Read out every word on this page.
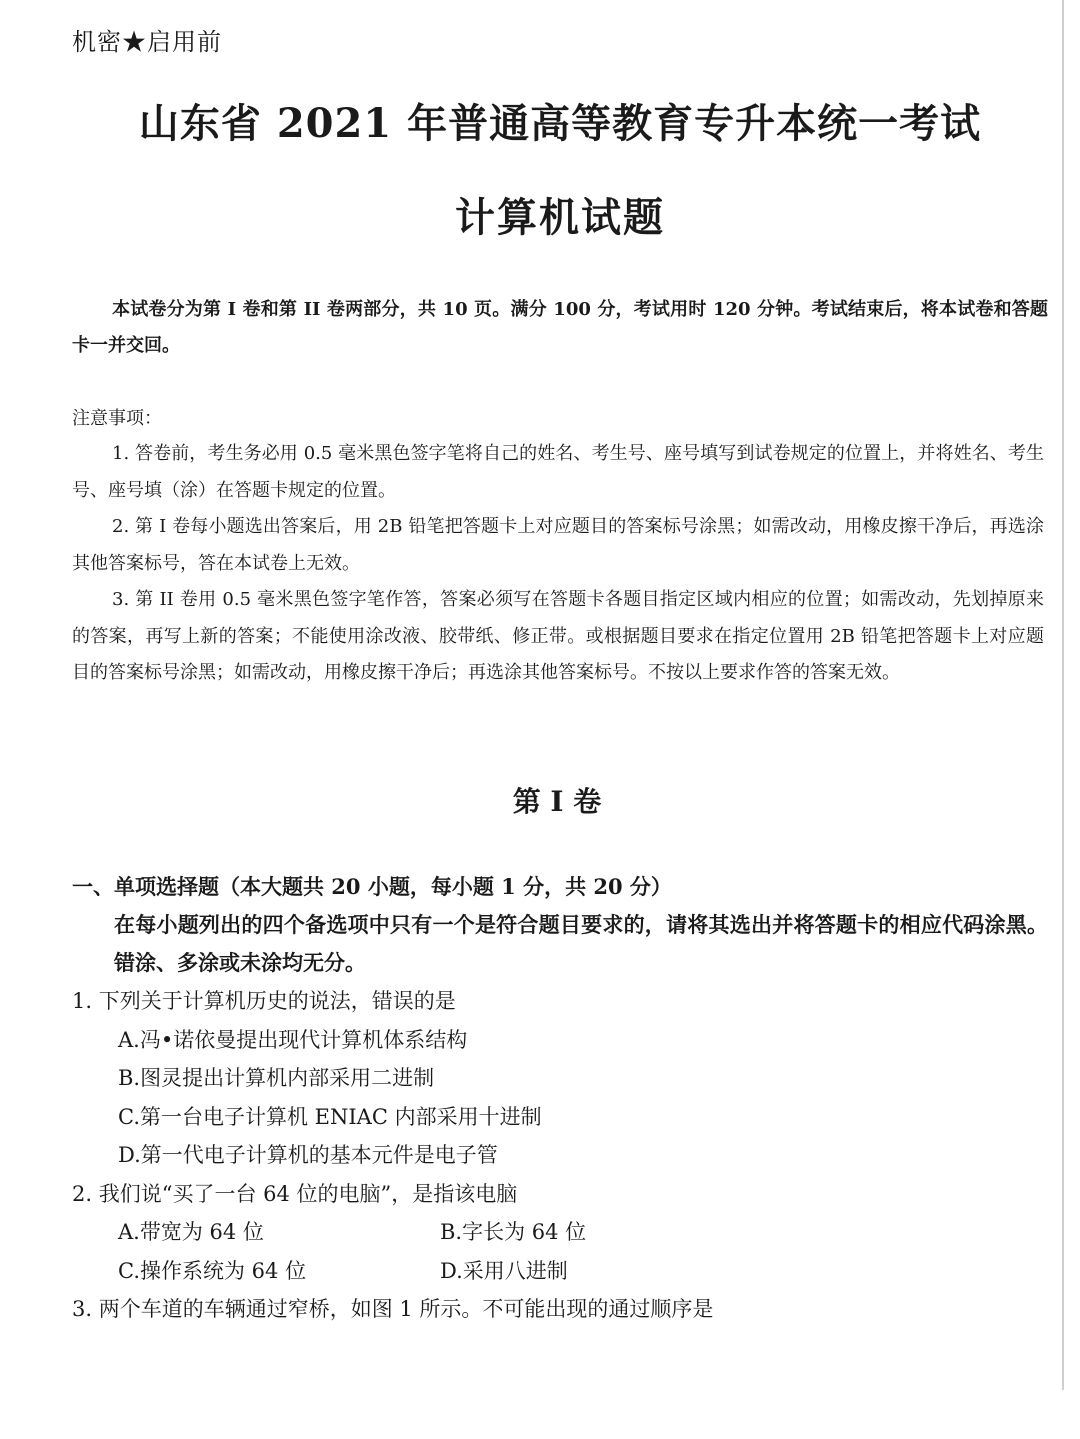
机密★启用前
山东省 2021 年普通高等教育专升本统一考试
计算机试题
本试卷分为第 I 卷和第 II 卷两部分，共 10 页。满分 100 分，考试用时 120 分钟。考试结束后，将本试卷和答题卡一并交回。
注意事项：

1. 答卷前，考生务必用 0.5 毫米黑色签字笔将自己的姓名、考生号、座号填写到试卷规定的位置上，并将姓名、考生号、座号填（涂）在答题卡规定的位置。

2. 第 I 卷每小题选出答案后，用 2B 铅笔把答题卡上对应题目的答案标号涂黑；如需改动，用橡皮擦干净后，再选涂其他答案标号，答在本试卷上无效。

3. 第 II 卷用 0.5 毫米黑色签字笔作答，答案必须写在答题卡各题目指定区域内相应的位置；如需改动，先划掉原来的答案，再写上新的答案；不能使用涂改液、胶带纸、修正带。或根据题目要求在指定位置用 2B 铅笔把答题卡上对应题目的答案标号涂黑；如需改动，用橡皮擦干净后；再选涂其他答案标号。不按以上要求作答的答案无效。

第 I 卷
一、单项选择题（本大题共 20 小题，每小题 1 分，共 20 分）
在每小题列出的四个备选项中只有一个是符合题目要求的，请将其选出并将答题卡的相应代码涂黑。错涂、多涂或未涂均无分。

1. 下列关于计算机历史的说法，错误的是

A.冯•诺依曼提出现代计算机体系结构

B.图灵提出计算机内部采用二进制

C.第一台电子计算机 ENIAC 内部采用十进制

D.第一代电子计算机的基本元件是电子管

2. 我们说“买了一台 64 位的电脑”，是指该电脑

A.带宽为 64 位	B.字长为 64 位
C.操作系统为 64 位	D.采用八进制

3. 两个车道的车辆通过窄桥，如图 1 所示。不可能出现的通过顺序是
